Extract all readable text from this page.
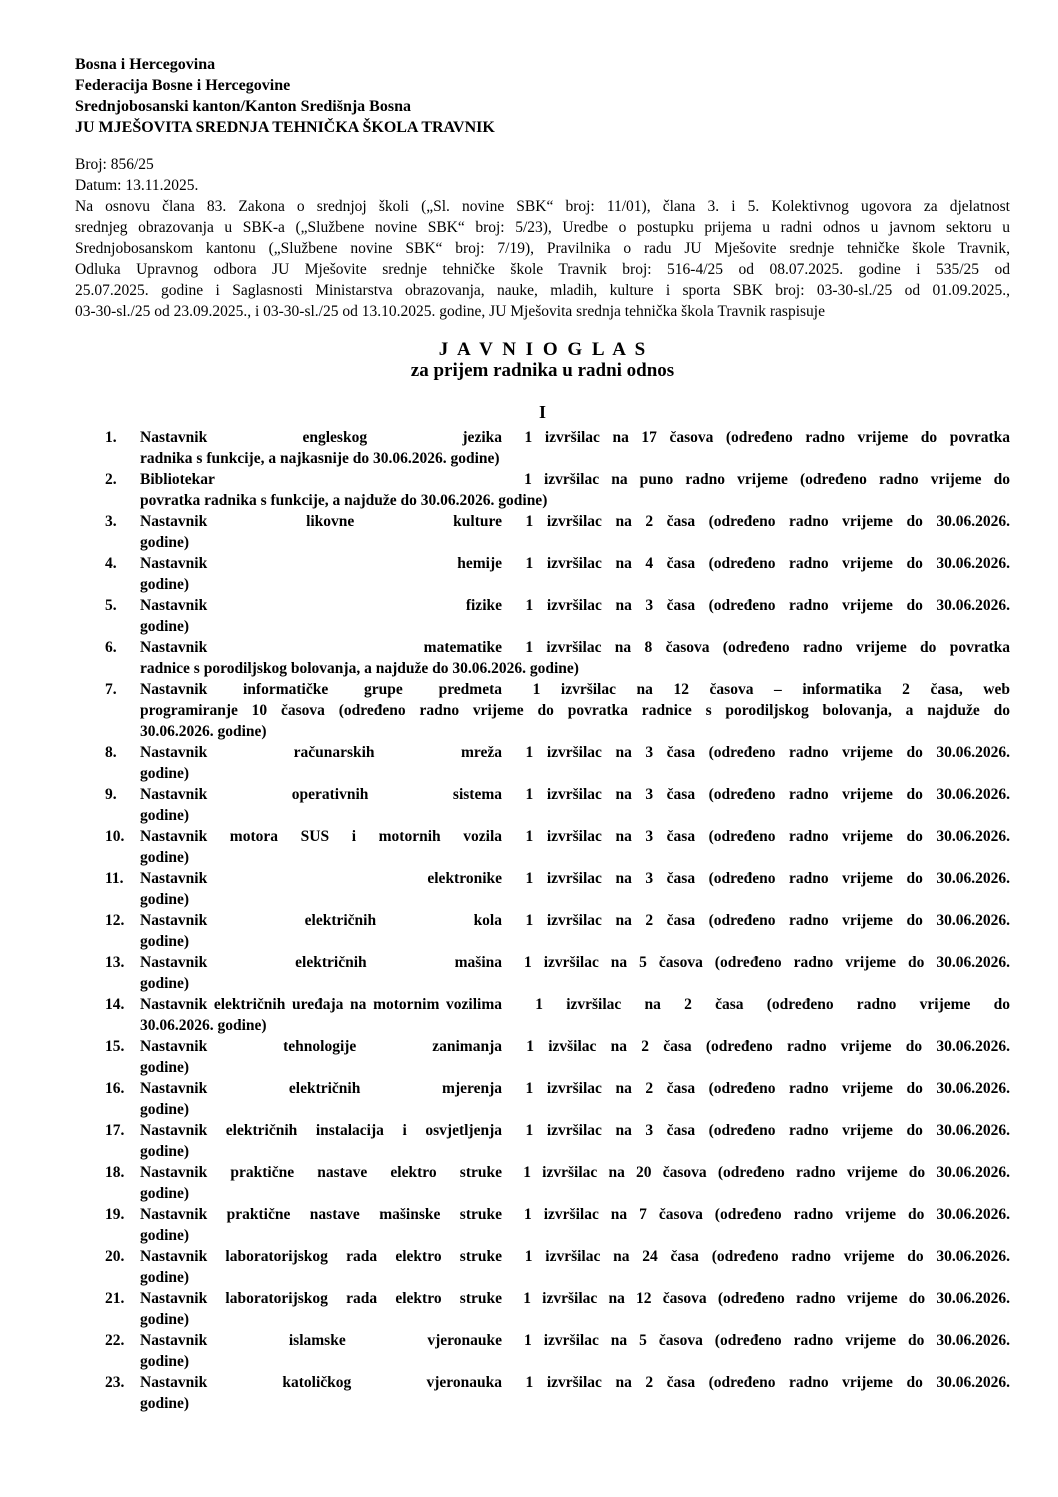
Bosna i Hercegovina
Federacija Bosne i Hercegovine
Srednjobosanski kanton/Kanton Središnja Bosna
JU MJEŠOVITA SREDNJA TEHNIČKA ŠKOLA TRAVNIK
Broj: 856/25
Datum: 13.11.2025.
Na osnovu člana 83. Zakona o srednjoj školi („Sl. novine SBK“ broj: 11/01), člana 3. i 5. Kolektivnog ugovora za djelatnost
srednjeg obrazovanja u SBK-a („Službene novine SBK“ broj: 5/23), Uredbe o postupku prijema u radni odnos u javnom sektoru u
Srednjobosanskom kantonu („Službene novine SBK“ broj: 7/19), Pravilnika o radu JU Mješovite srednje tehničke škole Travnik,
Odluka Upravnog odbora JU Mješovite srednje tehničke škole Travnik broj: 516-4/25 od 08.07.2025. godine i 535/25 od
25.07.2025. godine i Saglasnosti Ministarstva obrazovanja, nauke, mladih, kulture i sporta SBK broj: 03-30-sl./25 od 01.09.2025.,
03-30-sl./25 od 23.09.2025., i 03-30-sl./25 od 13.10.2025. godine, JU Mješovita srednja tehnička škola Travnik raspisuje
J A V N I O G L A S
za prijem radnika u radni odnos
I
1. Nastavnik engleskog jezika 1 izvršilac na 17 časova (određeno radno vrijeme do povratka
radnika s funkcije, a najkasnije do 30.06.2026. godine)
2. Bibliotekar	1 izvršilac na puno radno vrijeme (određeno radno vrijeme do
povratka radnika s funkcije, a najduže do 30.06.2026. godine)
3. Nastavnik likovne kulture 1 izvršilac na 2 časa (određeno radno vrijeme do 30.06.2026.
godine)
4. Nastavnik hemije 1 izvršilac na 4 časa (određeno radno vrijeme do 30.06.2026.
godine)
5. Nastavnik fizike 1 izvršilac na 3 časa (određeno radno vrijeme do 30.06.2026.
godine)
6. Nastavnik matematike 1 izvršilac na 8 časova (određeno radno vrijeme do povratka
radnice s porodiljskog bolovanja, a najduže do 30.06.2026. godine)
7. Nastavnik informatičke grupe predmeta 1 izvršilac na 12 časova – informatika 2 časa, web
programiranje 10 časova (određeno radno vrijeme do povratka radnice s porodiljskog bolovanja, a najduže do
30.06.2026. godine)
8. Nastavnik računarskih mreža 1 izvršilac na 3 časa (određeno radno vrijeme do 30.06.2026.
godine)
9. Nastavnik operativnih sistema 1 izvršilac na 3 časa (određeno radno vrijeme do 30.06.2026.
godine)
10. Nastavnik motora SUS i motornih vozila 1 izvršilac na 3 časa (određeno radno vrijeme do 30.06.2026.
godine)
11. Nastavnik elektronike 1 izvršilac na 3 časa (određeno radno vrijeme do 30.06.2026.
godine)
12. Nastavnik električnih kola 1 izvršilac na 2 časa (određeno radno vrijeme do 30.06.2026.
godine)
13. Nastavnik električnih mašina 1 izvršilac na 5 časova (određeno radno vrijeme do 30.06.2026.
godine)
14. Nastavnik električnih uređaja na motornim vozilima 1 izvršilac na 2 časa (određeno radno vrijeme do
30.06.2026. godine)
15. Nastavnik tehnologije zanimanja 1 izvšilac na 2 časa (određeno radno vrijeme do 30.06.2026.
godine)
16. Nastavnik električnih mjerenja 1 izvršilac na 2 časa (određeno radno vrijeme do 30.06.2026.
godine)
17. Nastavnik električnih instalacija i osvjetljenja 1 izvršilac na 3 časa (određeno radno vrijeme do 30.06.2026.
godine)
18. Nastavnik praktične nastave elektro struke 1 izvršilac na 20 časova (određeno radno vrijeme do 30.06.2026.
godine)
19. Nastavnik praktične nastave mašinske struke 1 izvršilac na 7 časova (određeno radno vrijeme do 30.06.2026.
godine)
20. Nastavnik laboratorijskog rada elektro struke 1 izvršilac na 24 časa (određeno radno vrijeme do 30.06.2026.
godine)
21. Nastavnik laboratorijskog rada elektro struke 1 izvršilac na 12 časova (određeno radno vrijeme do 30.06.2026.
godine)
22. Nastavnik islamske vjeronauke 1 izvršilac na 5 časova (određeno radno vrijeme do 30.06.2026.
godine)
23. Nastavnik katoličkog vjeronauka 1 izvršilac na 2 časa (određeno radno vrijeme do 30.06.2026.
godine)
